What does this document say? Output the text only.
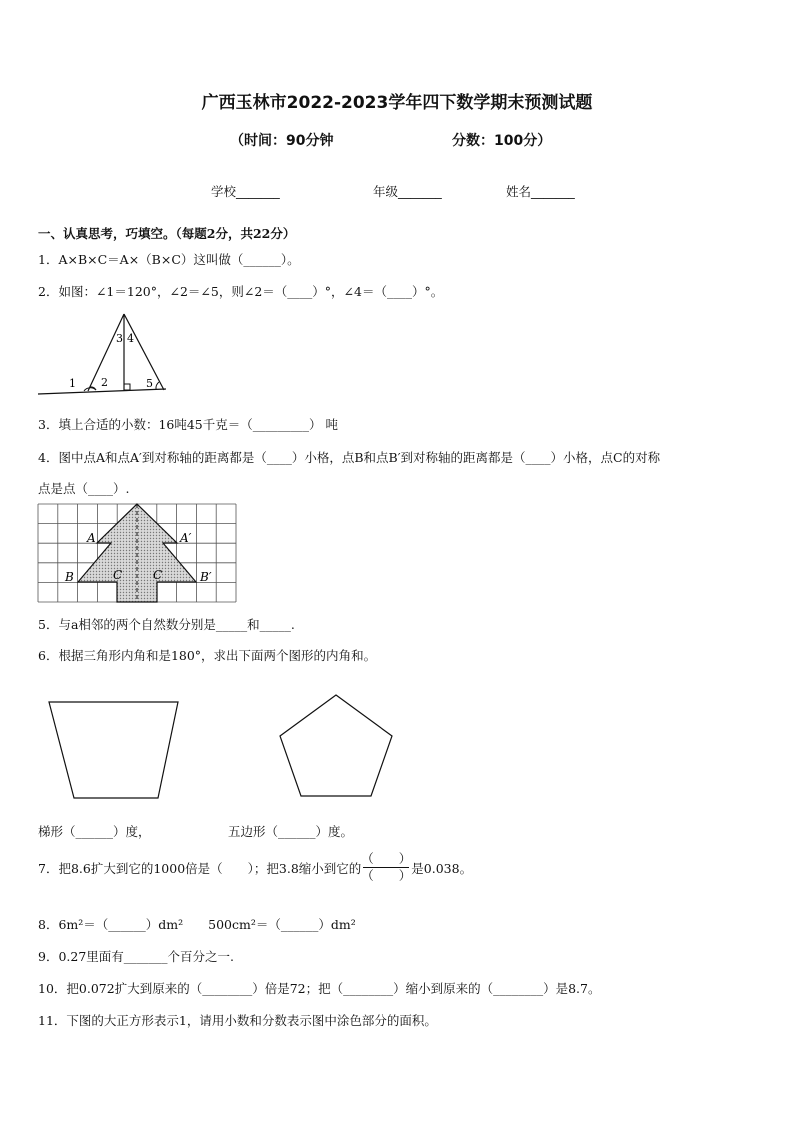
广西玉林市2022-2023学年四下数学期末预测试题
（时间：90分钟	分数：100分）
学校_______	年级_______	姓名_______
一、认真思考，巧填空。（每题2分，共22分）
1．A×B×C＝A×（B×C）这叫做（______）。
2．如图：∠1＝120°，∠2＝∠5，则∠2＝（____）°，∠4＝（____）°。
1 2
3 4
5
3．填上合适的小数：16吨45千克＝（_________） 吨
4．图中点A和点A′到对称轴的距离都是（____）小格，点B和点B′到对称轴的距离都是（____）小格，点C的对称
点是点（____）.
A	A′
B	B′
C	C
5．与a相邻的两个自然数分别是_____和_____.
6．根据三角形内角和是180°，求出下面两个图形的内角和。
梯形（______）度，	五边形（______）度。
7．把8.6扩大到它的1000倍是（　　）；把3.8缩小到它的 $\frac{( )}{( )}$ 是0.038。
8．6m²＝（______）dm²　　500cm²＝（______）dm²
9．0.27里面有_______个百分之一.
10．把0.072扩大到原来的（________）倍是72；把（________）缩小到原来的（________）是8.7。
11．下图的大正方形表示1，请用小数和分数表示图中涂色部分的面积。
